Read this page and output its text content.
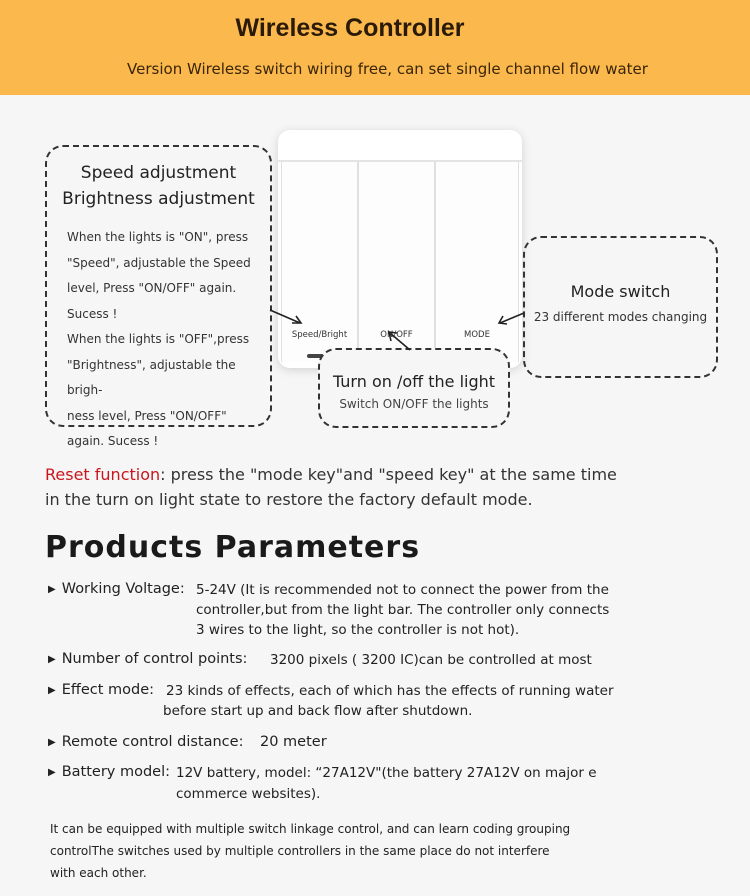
Wireless Controller
Version Wireless switch wiring free, can set single channel flow water
Speed adjustment
Brightness adjustment
When the lights is "ON", press
"Speed", adjustable the Speed
level, Press "ON/OFF" again.
Sucess !
When the lights is "OFF",press
"Brightness", adjustable the brigh-
ness level, Press "ON/OFF"
again. Sucess !
Speed/Bright	ON/OFF	MODE
Mode switch
23 different modes changing
Turn on /off the light
Switch ON/OFF the lights
Reset function: press the "mode key"and "speed key" at the same time
in the turn on light state to restore the factory default mode.
Products Parameters
▶ Working Voltage: 5-24V (It is recommended not to connect the power from the
controller,but from the light bar. The controller only connects
3 wires to the light, so the controller is not hot).
▶ Number of control points: 3200 pixels ( 3200 IC)can be controlled at most
▶ Effect mode: 23 kinds of effects, each of which has the effects of running water
before start up and back flow after shutdown.
▶ Remote control distance: 20 meter
▶ Battery model: 12V battery, model: “27A12V"(the battery 27A12V on major e
commerce websites).
It can be equipped with multiple switch linkage control, and can learn coding grouping
controlThe switches used by multiple controllers in the same place do not interfere
with each other.
